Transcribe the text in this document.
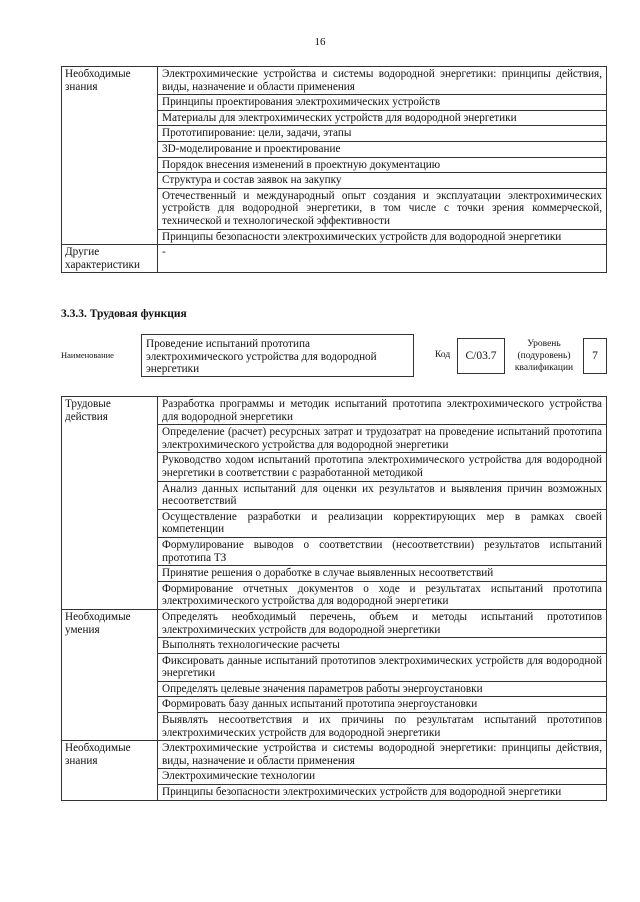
16
Необходимые знания	Электрохимические устройства и системы водородной энергетики: принципы действия, виды, назначение и области применения
	Принципы проектирования электрохимических устройств
	Материалы для электрохимических устройств для водородной энергетики
	Прототипирование: цели, задачи, этапы
	3D-моделирование и проектирование
	Порядок внесения изменений в проектную документацию
	Структура и состав заявок на закупку
	Отечественный и международный опыт создания и эксплуатации электрохимических устройств для водородной энергетики, в том числе с точки зрения коммерческой, технической и технологической эффективности
	Принципы безопасности электрохимических устройств для водородной энергетики
Другие характеристики	-
3.3.3. Трудовая функция
Наименование
Проведение испытаний прототипа электрохимического устройства для водородной энергетики
Код	С/03.7
Уровень (подуровень) квалификации
7
Трудовые действия	Разработка программы и методик испытаний прототипа электрохимического устройства для водородной энергетики
	Определение (расчет) ресурсных затрат и трудозатрат на проведение испытаний прототипа электрохимического устройства для водородной энергетики
	Руководство ходом испытаний прототипа электрохимического устройства для водородной энергетики в соответствии с разработанной методикой
	Анализ данных испытаний для оценки их результатов и выявления причин возможных несоответствий
	Осуществление разработки и реализации корректирующих мер в рамках своей компетенции
	Формулирование выводов о соответствии (несоответствии) результатов испытаний прототипа ТЗ
	Принятие решения о доработке в случае выявленных несоответствий
	Формирование отчетных документов о ходе и результатах испытаний прототипа электрохимического устройства для водородной энергетики
Необходимые умения	Определять необходимый перечень, объем и методы испытаний прототипов электрохимических устройств для водородной энергетики
	Выполнять технологические расчеты
	Фиксировать данные испытаний прототипов электрохимических устройств для водородной энергетики
	Определять целевые значения параметров работы энергоустановки
	Формировать базу данных испытаний прототипа энергоустановки
	Выявлять несоответствия и их причины по результатам испытаний прототипов электрохимических устройств для водородной энергетики
Необходимые знания	Электрохимические устройства и системы водородной энергетики: принципы действия, виды, назначение и области применения
	Электрохимические технологии
	Принципы безопасности электрохимических устройств для водородной энергетики
